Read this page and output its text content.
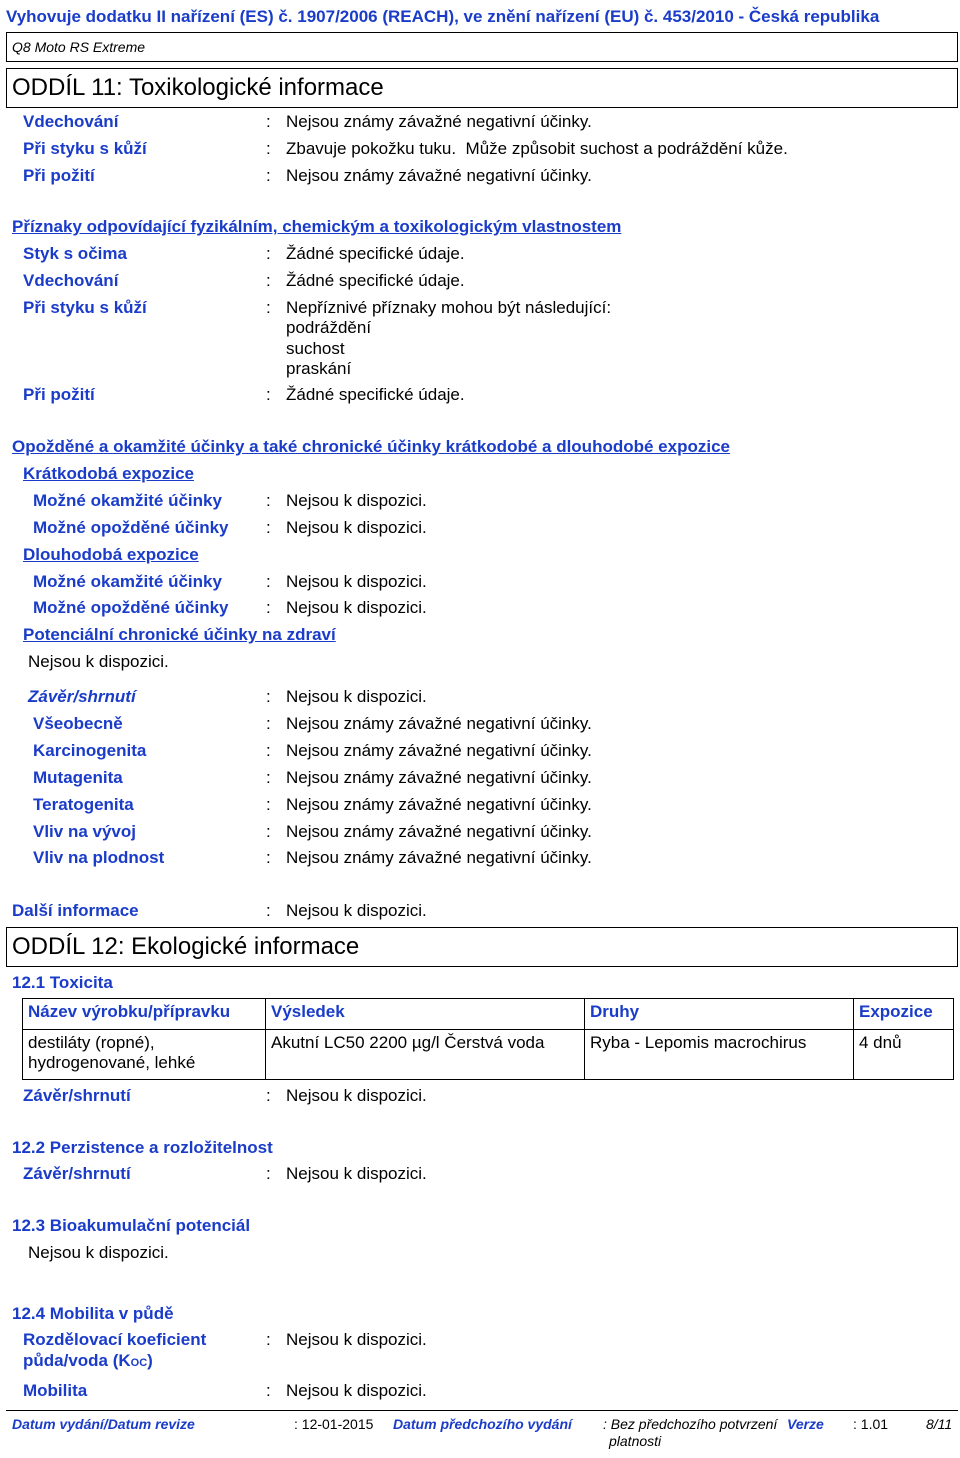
Vyhovuje dodatku II nařízení (ES) č. 1907/2006 (REACH), ve znění nařízení (EU) č. 453/2010 - Česká republika
Q8 Moto RS Extreme
ODDÍL 11: Toxikologické informace
Vdechování	: Nejsou známy závažné negativní účinky.
Při styku s kůží	: Zbavuje pokožku tuku.  Může způsobit suchost a podráždění kůže.
Při požití	: Nejsou známy závažné negativní účinky.
Příznaky odpovídající fyzikálním, chemickým a toxikologickým vlastnostem
Styk s očima	: Žádné specifické údaje.
Vdechování	: Žádné specifické údaje.
Při styku s kůží	: Nepříznivé příznaky mohou být následující:
podráždění
suchost
praskání
Při požití	: Žádné specifické údaje.
Opožděné a okamžité účinky a také chronické účinky krátkodobé a dlouhodobé expozice
Krátkodobá expozice
Možné okamžité účinky	: Nejsou k dispozici.
Možné opožděné účinky : Nejsou k dispozici.
Dlouhodobá expozice
Možné okamžité účinky	: Nejsou k dispozici.
Možné opožděné účinky : Nejsou k dispozici.
Potenciální chronické účinky na zdraví
Nejsou k dispozici.
Závěr/shrnutí	: Nejsou k dispozici.
Všeobecně	: Nejsou známy závažné negativní účinky.
Karcinogenita	: Nejsou známy závažné negativní účinky.
Mutagenita	: Nejsou známy závažné negativní účinky.
Teratogenita	: Nejsou známy závažné negativní účinky.
Vliv na vývoj	: Nejsou známy závažné negativní účinky.
Vliv na plodnost	: Nejsou známy závažné negativní účinky.
Další informace	: Nejsou k dispozici.
ODDÍL 12: Ekologické informace
12.1 Toxicita
Název výrobku/přípravku	Výsledek	Druhy	Expozice
destiláty (ropné),
hydrogenované, lehké	Akutní LC50 2200 µg/l Čerstvá voda	Ryba - Lepomis macrochirus	4 dnů
Závěr/shrnutí	: Nejsou k dispozici.
12.2 Perzistence a rozložitelnost
Závěr/shrnutí	: Nejsou k dispozici.
12.3 Bioakumulační potenciál
Nejsou k dispozici.
12.4 Mobilita v půdě
Rozdělovací koeficient
půda/voda (KOC)
: Nejsou k dispozici.
Mobilita	: Nejsou k dispozici.
Datum vydání/Datum revize	: 12-01-2015 Datum předchozího vydání : Bez předchozího potvrzení
platnosti
Verze : 1.01	8/11
